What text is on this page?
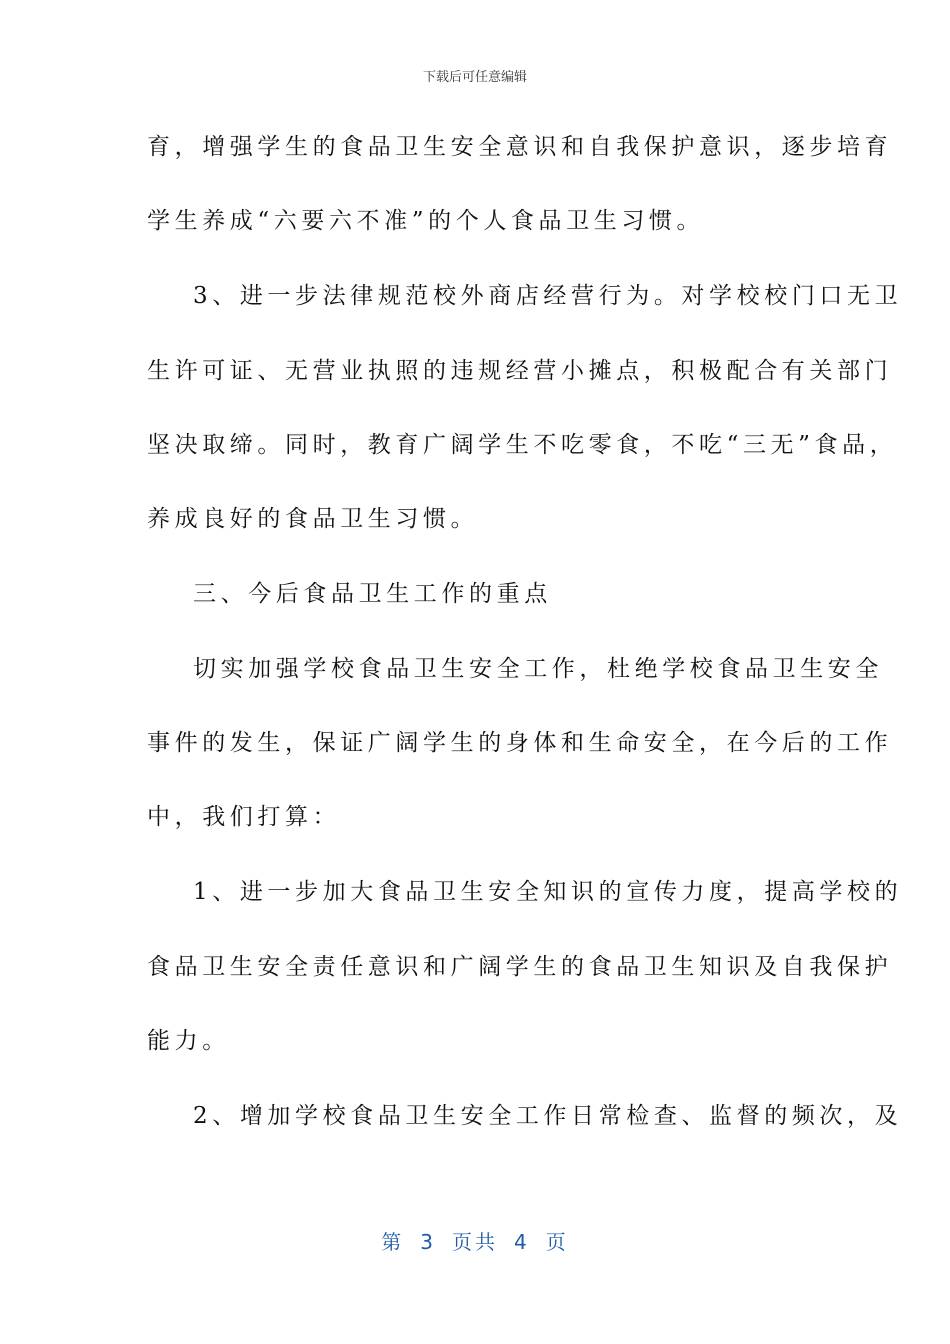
下载后可任意编辑
育，增强学生的食品卫生安全意识和自我保护意识，逐步培育
学生养成“六要六不准”的个人食品卫生习惯。
3、进一步法律规范校外商店经营行为。对学校校门口无卫
生许可证、无营业执照的违规经营小摊点，积极配合有关部门
坚决取缔。同时，教育广阔学生不吃零食，不吃“三无”食品，
养成良好的食品卫生习惯。
三、今后食品卫生工作的重点
切实加强学校食品卫生安全工作，杜绝学校食品卫生安全
事件的发生，保证广阔学生的身体和生命安全，在今后的工作
中，我们打算：
1、进一步加大食品卫生安全知识的宣传力度，提高学校的
食品卫生安全责任意识和广阔学生的食品卫生知识及自我保护
能力。
2、增加学校食品卫生安全工作日常检查、监督的频次，及
第 3 页共 4 页
